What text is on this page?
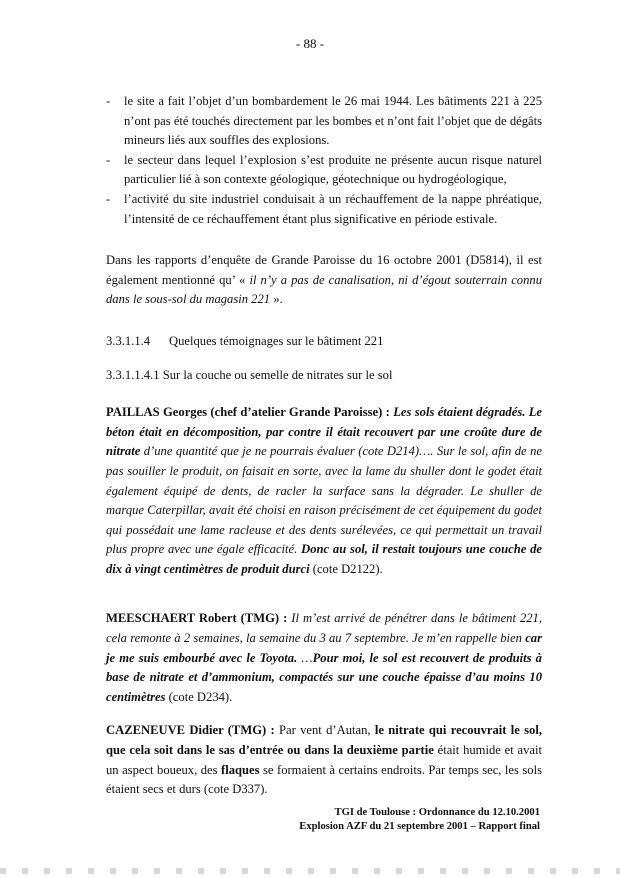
- 88 -
- le site a fait l’objet d’un bombardement le 26 mai 1944. Les bâtiments 221 à 225 n’ont pas été touchés directement par les bombes et n’ont fait l’objet que de dégâts mineurs liés aux souffles des explosions.
- le secteur dans lequel l’explosion s’est produite ne présente aucun risque naturel particulier lié à son contexte géologique, géotechnique ou hydrogéologique,
- l’activité du site industriel conduisait à un réchauffement de la nappe phréatique, l’intensité de ce réchauffement étant plus significative en période estivale.

Dans les rapports d’enquête de Grande Paroisse du 16 octobre 2001 (D5814), il est également mentionné qu’ « il n’y a pas de canalisation, ni d’égout souterrain connu dans le sous-sol du magasin 221 ».

3.3.1.1.4 Quelques témoignages sur le bâtiment 221

3.3.1.1.4.1 Sur la couche ou semelle de nitrates sur le sol

PAILLAS Georges (chef d’atelier Grande Paroisse) : Les sols étaient dégradés. Le béton était en décomposition, par contre il était recouvert par une croûte dure de nitrate d’une quantité que je ne pourrais évaluer (cote D214)…. Sur le sol, afin de ne pas souiller le produit, on faisait en sorte, avec la lame du shuller dont le godet était également équipé de dents, de racler la surface sans la dégrader. Le shuller de marque Caterpillar, avait été choisi en raison précisément de cet équipement du godet qui possédait une lame racleuse et des dents surélevées, ce qui permettait un travail plus propre avec une égale efficacité. Donc au sol, il restait toujours une couche de dix à vingt centimètres de produit durci (cote D2122).

MEESCHAERT Robert (TMG) : Il m’est arrivé de pénétrer dans le bâtiment 221, cela remonte à 2 semaines, la semaine du 3 au 7 septembre. Je m’en rappelle bien car je me suis embourbé avec le Toyota. …Pour moi, le sol est recouvert de produits à base de nitrate et d’ammonium, compactés sur une couche épaisse d’au moins 10 centimètres (cote D234).

CAZENEUVE Didier (TMG) : Par vent d’Autan, le nitrate qui recouvrait le sol, que cela soit dans le sas d’entrée ou dans la deuxième partie était humide et avait un aspect boueux, des flaques se formaient à certains endroits. Par temps sec, les sols étaient secs et durs (cote D337).

TGI de Toulouse : Ordonnance du 12.10.2001
Explosion AZF du 21 septembre 2001 – Rapport final
